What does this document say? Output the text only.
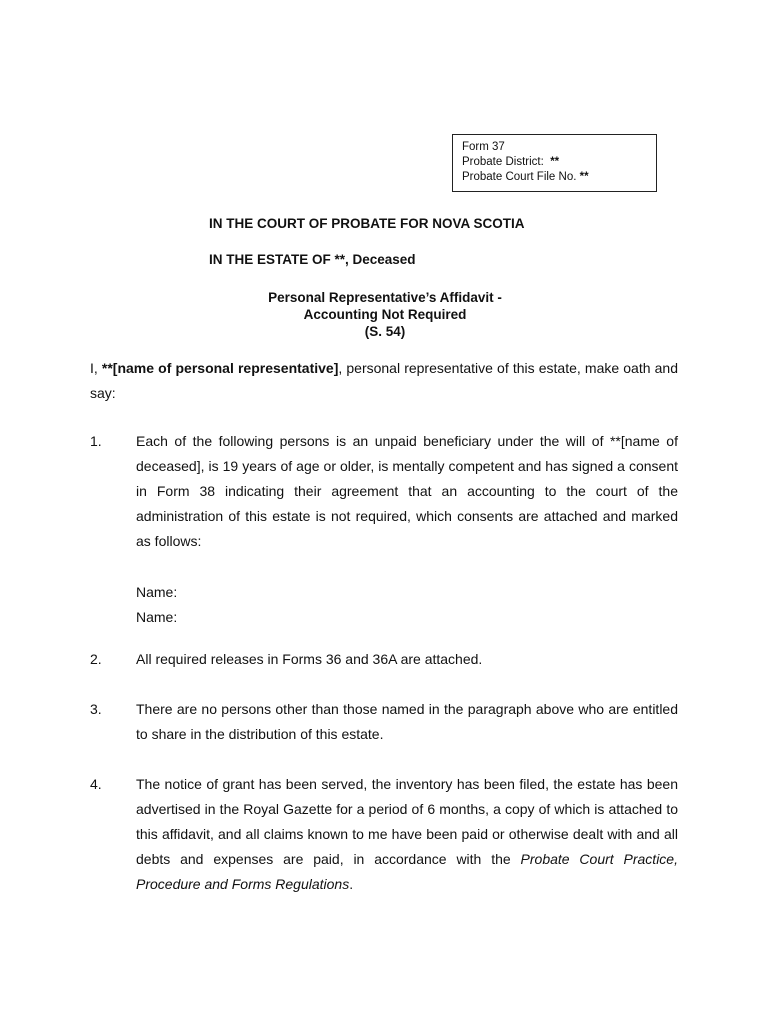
Form 37
Probate District: **
Probate Court File No. **
IN THE COURT OF PROBATE FOR NOVA SCOTIA
IN THE ESTATE OF **, Deceased
Personal Representative’s Affidavit -
Accounting Not Required
(S. 54)
I, **[name of personal representative], personal representative of this estate, make oath and say:
1. Each of the following persons is an unpaid beneficiary under the will of **[name of deceased], is 19 years of age or older, is mentally competent and has signed a consent in Form 38 indicating their agreement that an accounting to the court of the administration of this estate is not required, which consents are attached and marked as follows:
Name:
Name:
2. All required releases in Forms 36 and 36A are attached.
3. There are no persons other than those named in the paragraph above who are entitled to share in the distribution of this estate.
4. The notice of grant has been served, the inventory has been filed, the estate has been advertised in the Royal Gazette for a period of 6 months, a copy of which is attached to this affidavit, and all claims known to me have been paid or otherwise dealt with and all debts and expenses are paid, in accordance with the Probate Court Practice, Procedure and Forms Regulations.
